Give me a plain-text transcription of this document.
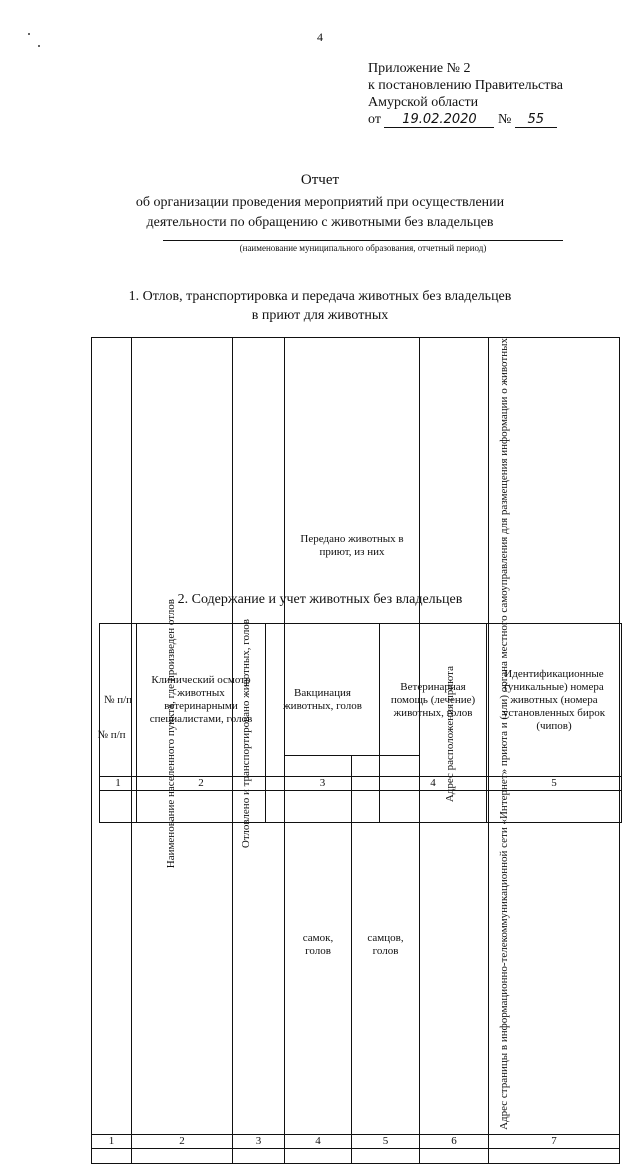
4
Приложение № 2
к постановлению Правительства
Амурской области
от 19.02.2020 № 55
Отчет
об организации проведения мероприятий при осуществлении
деятельности по обращению с животными без владельцев
(наименование муниципального образования, отчетный период)
1. Отлов, транспортировка и передача животных без владельцев
в приют для животных
№ п/п	Наименование населенного пункта, где произведен отлов	Отловлено и транспортировано животных, голов	Передано животных в приют, из них		Адрес расположения приюта	Адрес страницы в информационно-телекоммуникационной сети «Интернет» приюта и (или) органа местного самоуправления для размещения информации о животных
			самок, голов	самцов, голов		
1	2	3	4	5	6	7

2. Содержание и учет животных без владельцев
№ п/п	Клинический осмотр животных ветеринарными специалистами, голов	Вакцинация животных, голов	Ветеринарная помощь (лечение) животных, голов	Идентификационные (уникальные) номера животных (номера установленных бирок (чипов)
1	2	3	4	5
